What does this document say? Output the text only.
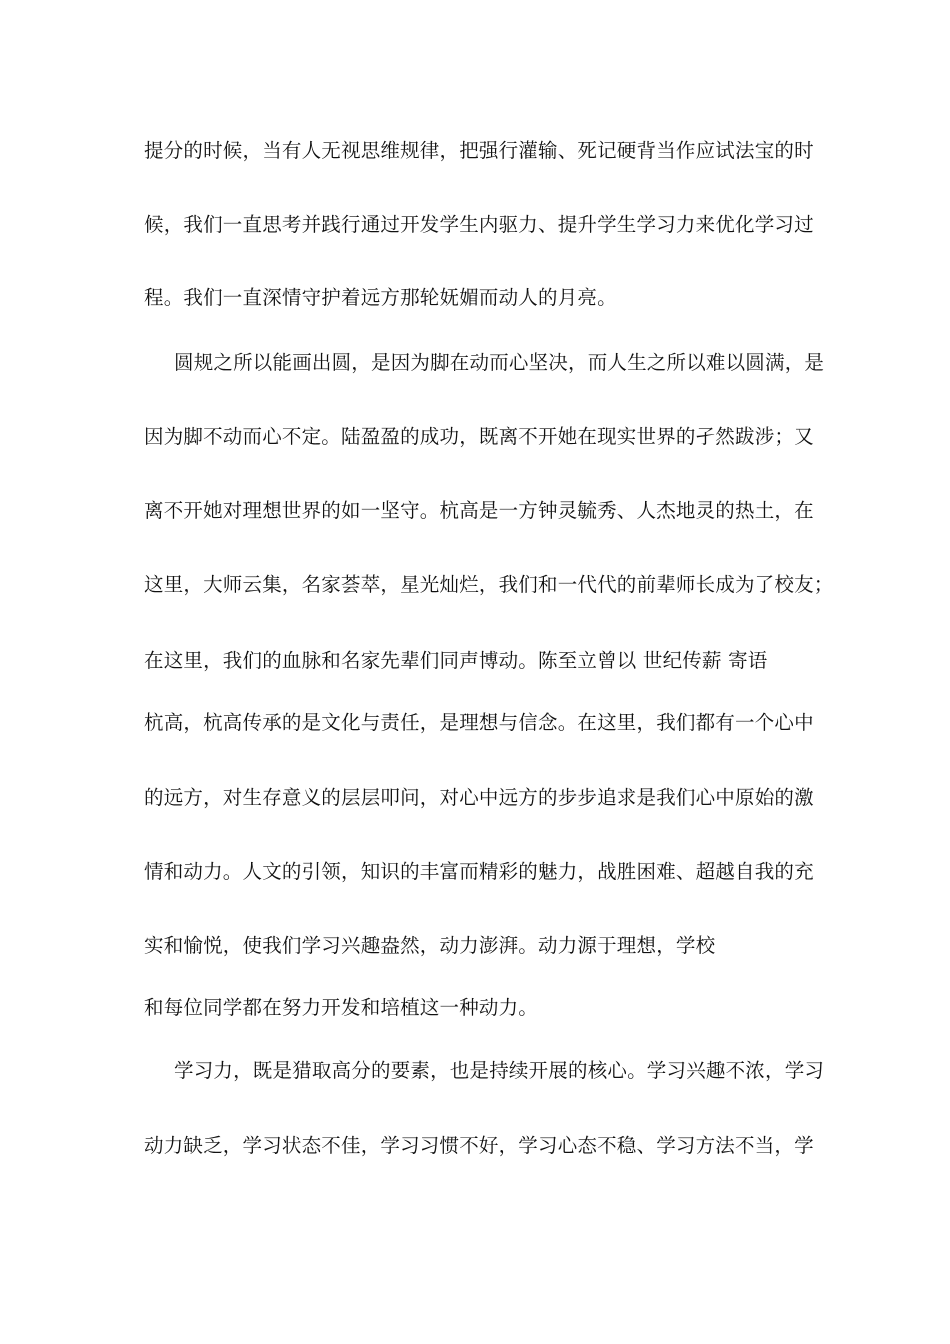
提分的时候，当有人无视思维规律，把强行灌输、死记硬背当作应试法宝的时
候，我们一直思考并践行通过开发学生内驱力、提升学生学习力来优化学习过
程。我们一直深情守护着远方那轮妩媚而动人的月亮。
圆规之所以能画出圆，是因为脚在动而心坚决，而人生之所以难以圆满，是
因为脚不动而心不定。陆盈盈的成功，既离不开她在现实世界的孑然跋涉；又
离不开她对理想世界的如一坚守。杭高是一方钟灵毓秀、人杰地灵的热土，在
这里，大师云集，名家荟萃，星光灿烂，我们和一代代的前辈师长成为了校友；
在这里，我们的血脉和名家先辈们同声博动。陈至立曾以 世纪传薪 寄语
杭高，杭高传承的是文化与责任，是理想与信念。在这里，我们都有一个心中
的远方，对生存意义的层层叩问，对心中远方的步步追求是我们心中原始的激
情和动力。人文的引领，知识的丰富而精彩的魅力，战胜困难、超越自我的充
实和愉悦，使我们学习兴趣盎然，动力澎湃。动力源于理想，学校
和每位同学都在努力开发和培植这一种动力。
学习力，既是猎取高分的要素，也是持续开展的核心。学习兴趣不浓，学习
动力缺乏，学习状态不佳，学习习惯不好，学习心态不稳、学习方法不当，学
